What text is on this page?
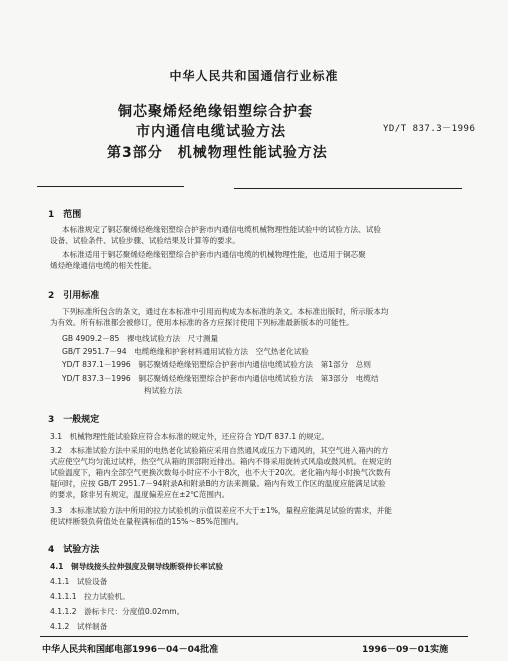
中华人民共和国通信行业标准
铜芯聚烯烃绝缘铝塑综合护套
市内通信电缆试验方法	YD/T 837.3－1996
第3部分　机械物理性能试验方法
1　范围
本标准规定了铜芯聚烯烃绝缘铝塑综合护套市内通信电缆机械物理性能试验中的试验方法、试验
设备、试验条件、试验步骤、试验结果及计算等的要求。
本标准适用于铜芯聚烯烃绝缘铝塑综合护套市内通信电缆的机械物理性能，也适用于铜芯聚
烯烃绝缘通信电缆的相关性能。
2　引用标准
下列标准所包含的条文，通过在本标准中引用而构成为本标准的条文。本标准出版时，所示版本均
为有效。所有标准都会被修订，使用本标准的各方应探讨使用下列标准最新版本的可能性。
GB 4909.2－85　裸电线试验方法　尺寸测量
GB/T 2951.7－94　电缆绝缘和护套材料通用试验方法　空气热老化试验
YD/T 837.1－1996　铜芯聚烯烃绝缘铝塑综合护套市内通信电缆试验方法　第1部分　总则
YD/T 837.3－1996　铜芯聚烯烃绝缘铝塑综合护套市内通信电缆试验方法　第3部分　电缆结
构试验方法
3　一般规定
3.1　机械物理性能试验除应符合本标准的规定外，还应符合 YD/T 837.1 的规定。
3.2　本标准试验方法中采用的电热老化试验箱应采用自然通风或压力下通风的，其空气进入箱内的方
式应使空气均匀流过试样，热空气从箱的顶部附近排出。箱内不得采用旋转式风扇或鼓风机。在规定的
试验温度下，箱内全部空气更换次数每小时应不小于8次，也不大于20次。老化箱内每小时换气次数有
疑问时，应按 GB/T 2951.7－94附录A和附录B的方法来测量。箱内有效工作区的温度应能满足试验
的要求，除非另有规定，温度偏差应在±2℃范围内。
3.3　本标准试验方法中所用的拉力试验机的示值误差应不大于±1%，量程应能满足试验的需求，并能
使试样断裂负荷值处在量程满标值的15%～85%范围内。
4　试验方法
4.1　铜导线接头拉伸强度及铜导线断裂伸长率试验
4.1.1　试验设备
4.1.1.1　拉力试验机。
4.1.1.2　游标卡尺：分度值0.02mm。
4.1.2　试样制备
中华人民共和国邮电部1996－04－04批准	1996－09－01实施
